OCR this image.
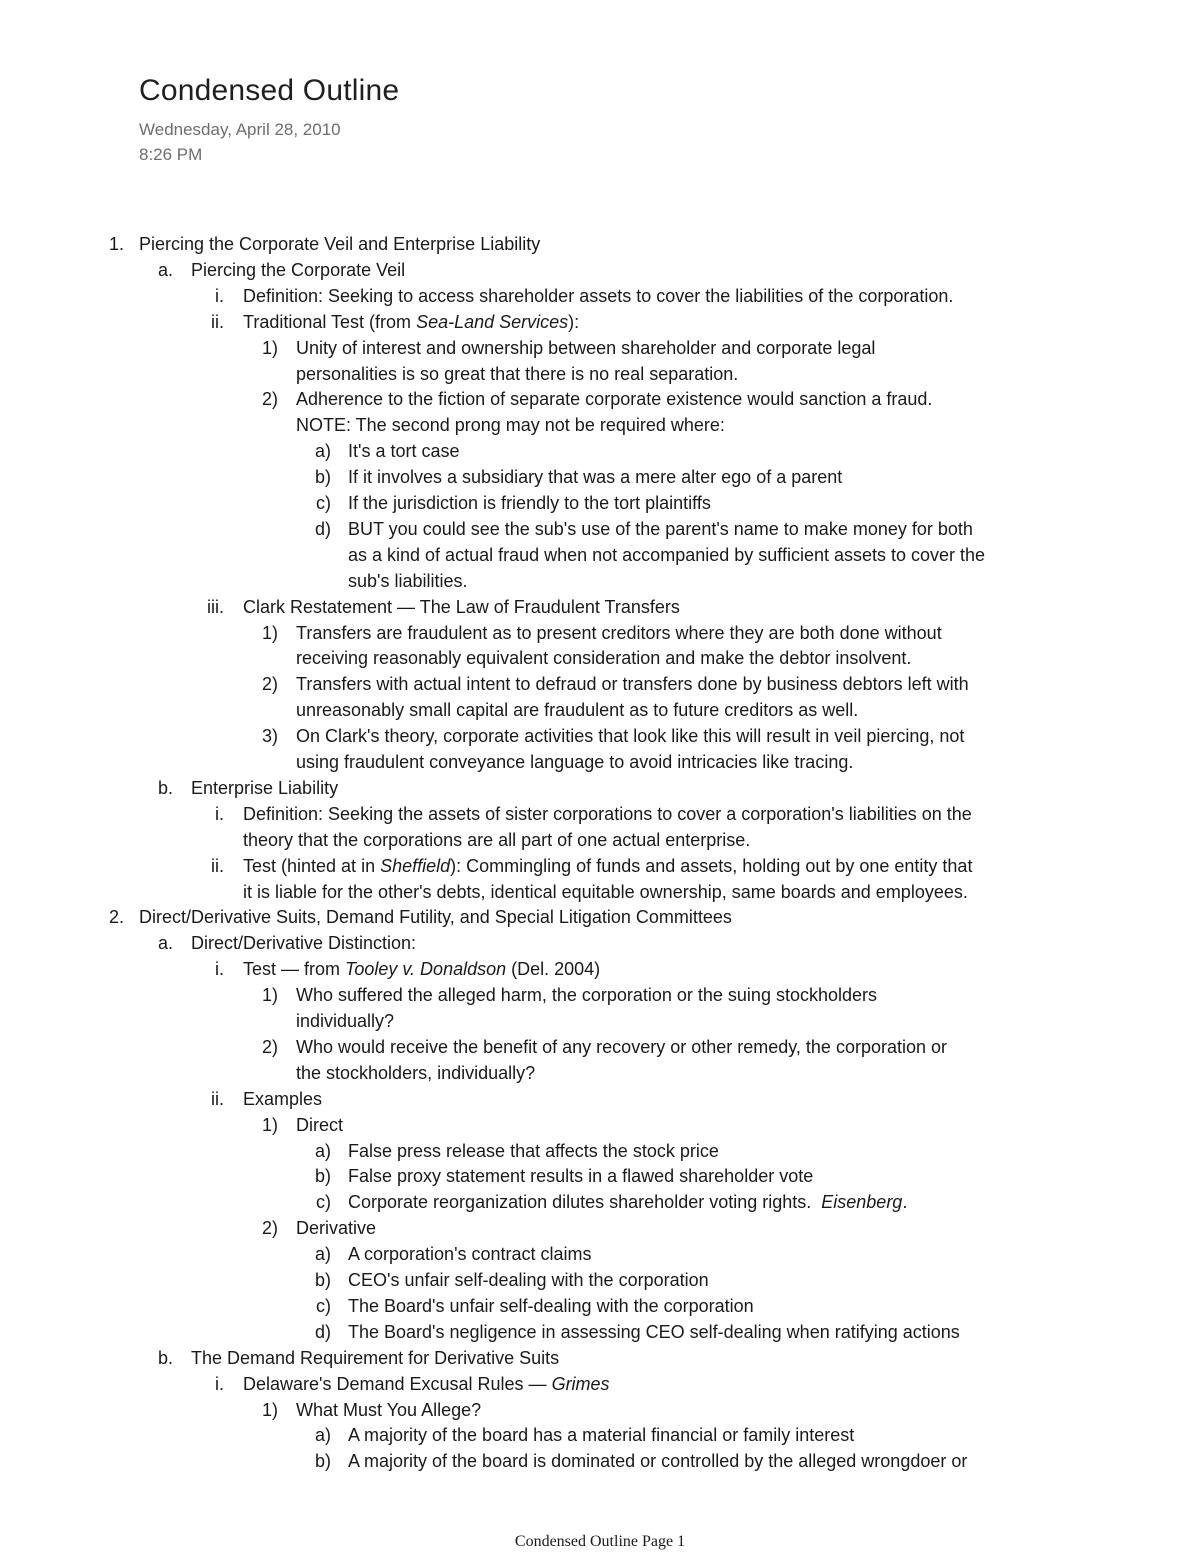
Condensed Outline
Wednesday, April 28, 2010
8:26 PM
1. Piercing the Corporate Veil and Enterprise Liability
a. Piercing the Corporate Veil
i. Definition: Seeking to access shareholder assets to cover the liabilities of the corporation.
ii. Traditional Test (from Sea-Land Services):
1) Unity of interest and ownership between shareholder and corporate legal
personalities is so great that there is no real separation.
2) Adherence to the fiction of separate corporate existence would sanction a fraud.
NOTE: The second prong may not be required where:
a) It's a tort case
b) If it involves a subsidiary that was a mere alter ego of a parent
c) If the jurisdiction is friendly to the tort plaintiffs
d) BUT you could see the sub's use of the parent's name to make money for both
as a kind of actual fraud when not accompanied by sufficient assets to cover the
sub's liabilities.
iii. Clark Restatement — The Law of Fraudulent Transfers
1) Transfers are fraudulent as to present creditors where they are both done without
receiving reasonably equivalent consideration and make the debtor insolvent.
2) Transfers with actual intent to defraud or transfers done by business debtors left with
unreasonably small capital are fraudulent as to future creditors as well.
3) On Clark's theory, corporate activities that look like this will result in veil piercing, not
using fraudulent conveyance language to avoid intricacies like tracing.
b. Enterprise Liability
i. Definition: Seeking the assets of sister corporations to cover a corporation's liabilities on the
theory that the corporations are all part of one actual enterprise.
ii. Test (hinted at in Sheffield): Commingling of funds and assets, holding out by one entity that
it is liable for the other's debts, identical equitable ownership, same boards and employees.
2. Direct/Derivative Suits, Demand Futility, and Special Litigation Committees
a. Direct/Derivative Distinction:
i. Test — from Tooley v. Donaldson (Del. 2004)
1) Who suffered the alleged harm, the corporation or the suing stockholders
individually?
2) Who would receive the benefit of any recovery or other remedy, the corporation or
the stockholders, individually?
ii. Examples
1) Direct
a) False press release that affects the stock price
b) False proxy statement results in a flawed shareholder vote
c) Corporate reorganization dilutes shareholder voting rights.  Eisenberg.
2) Derivative
a) A corporation's contract claims
b) CEO's unfair self-dealing with the corporation
c) The Board's unfair self-dealing with the corporation
d) The Board's negligence in assessing CEO self-dealing when ratifying actions
b. The Demand Requirement for Derivative Suits
i. Delaware's Demand Excusal Rules — Grimes
1) What Must You Allege?
a) A majority of the board has a material financial or family interest
b) A majority of the board is dominated or controlled by the alleged wrongdoer or
Condensed Outline Page 1
